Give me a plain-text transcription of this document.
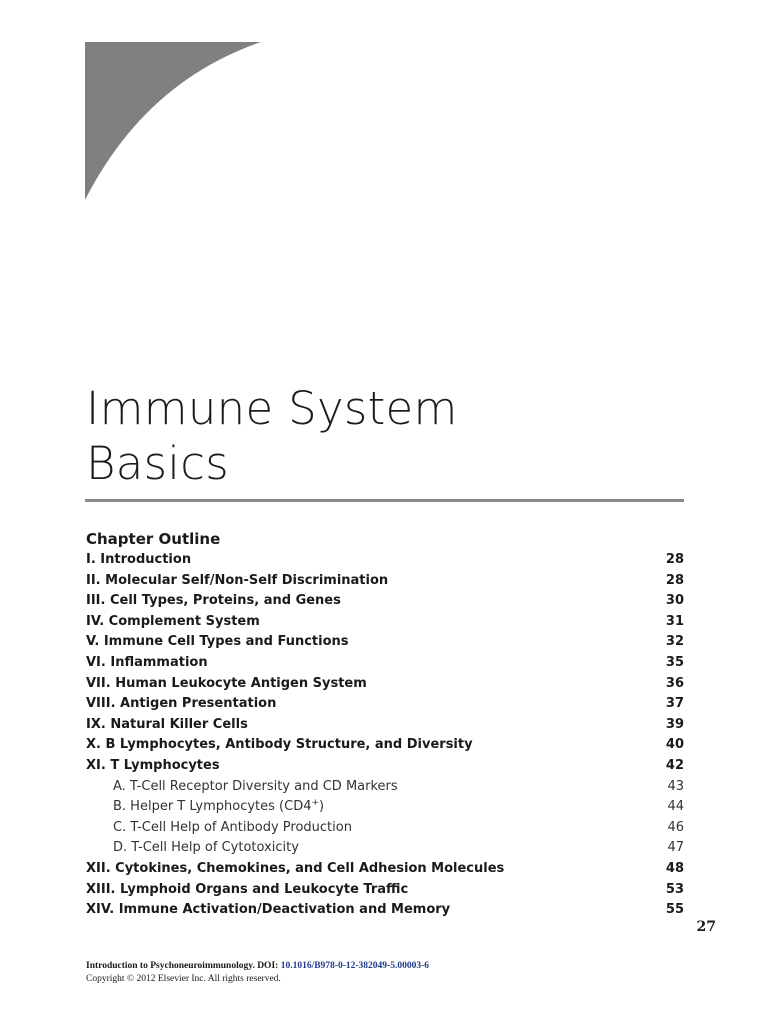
Immune System
Basics
Chapter Outline
I. Introduction	28
II. Molecular Self/Non-Self Discrimination	28
III. Cell Types, Proteins, and Genes	30
IV. Complement System	31
V. Immune Cell Types and Functions	32
VI. Inflammation	35
VII. Human Leukocyte Antigen System	36
VIII. Antigen Presentation	37
IX. Natural Killer Cells	39
X. B Lymphocytes, Antibody Structure, and Diversity	40
XI. T Lymphocytes	42
A. T-Cell Receptor Diversity and CD Markers	43
B. Helper T Lymphocytes (CD4+)	44
C. T-Cell Help of Antibody Production	46
D. T-Cell Help of Cytotoxicity	47
XII. Cytokines, Chemokines, and Cell Adhesion Molecules	48
XIII. Lymphoid Organs and Leukocyte Traffic	53
XIV. Immune Activation/Deactivation and Memory	55
27
Introduction to Psychoneuroimmunology. DOI: 10.1016/B978-0-12-382049-5.00003-6
Copyright © 2012 Elsevier Inc. All rights reserved.
